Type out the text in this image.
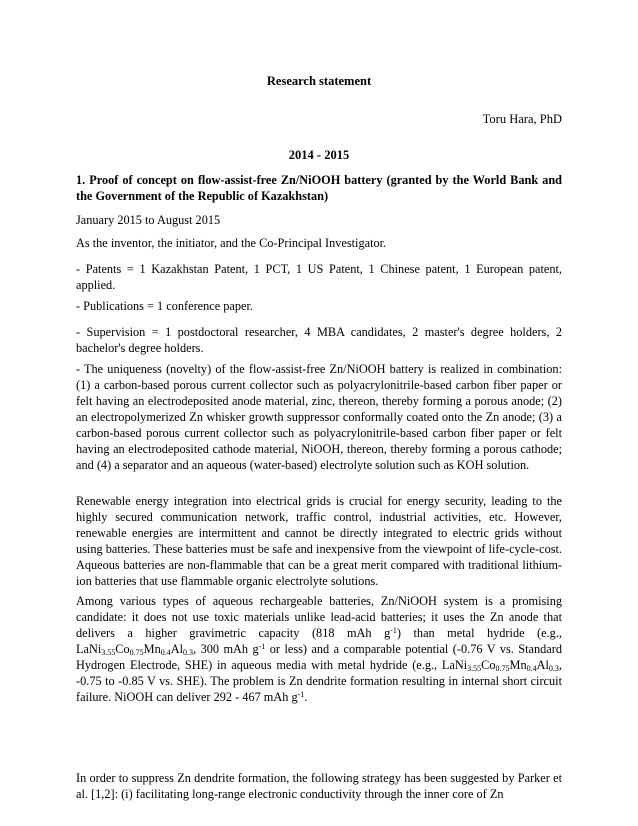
Research statement
Toru Hara, PhD
2014 - 2015

1. Proof of concept on flow-assist-free Zn/NiOOH battery (granted by the World Bank and the Government of the Republic of Kazakhstan)

January 2015 to August 2015

As the inventor, the initiator, and the Co-Principal Investigator.

- Patents = 1 Kazakhstan Patent, 1 PCT, 1 US Patent, 1 Chinese patent, 1 European patent, applied.

- Publications = 1 conference paper.

- Supervision = 1 postdoctoral researcher, 4 MBA candidates, 2 master's degree holders, 2 bachelor's degree holders.

- The uniqueness (novelty) of the flow-assist-free Zn/NiOOH battery is realized in combination: (1) a carbon-based porous current collector such as polyacrylonitrile-based carbon fiber paper or felt having an electrodeposited anode material, zinc, thereon, thereby forming a porous anode; (2) an electropolymerized Zn whisker growth suppressor conformally coated onto the Zn anode; (3) a carbon-based porous current collector such as polyacrylonitrile-based carbon fiber paper or felt having an electrodeposited cathode material, NiOOH, thereon, thereby forming a porous cathode; and (4) a separator and an aqueous (water-based) electrolyte solution such as KOH solution.

Renewable energy integration into electrical grids is crucial for energy security, leading to the highly secured communication network, traffic control, industrial activities, etc. However, renewable energies are intermittent and cannot be directly integrated to electric grids without using batteries. These batteries must be safe and inexpensive from the viewpoint of life-cycle-cost. Aqueous batteries are non-flammable that can be a great merit compared with traditional lithium-ion batteries that use flammable organic electrolyte solutions.

Among various types of aqueous rechargeable batteries, Zn/NiOOH system is a promising candidate: it does not use toxic materials unlike lead-acid batteries; it uses the Zn anode that delivers a higher gravimetric capacity (818 mAh $g^{-1}$) than metal hydride (e.g., $LaNi_{3.55}Co_{0.75}Mn_{0.4}Al_{0.3}$, 300 mAh $g^{-1}$ or less) and a comparable potential (-0.76 V vs. Standard Hydrogen Electrode, SHE) in aqueous media with metal hydride (e.g., $LaNi_{3.55}Co_{0.75}Mn_{0.4}Al_{0.3}$, -0.75 to -0.85 V vs. SHE). The problem is Zn dendrite formation resulting in internal short circuit failure. NiOOH can deliver 292 - 467 mAh $g^{-1}$.

In order to suppress Zn dendrite formation, the following strategy has been suggested by Parker et al. [1,2]: (i) facilitating long-range electronic conductivity through the inner core of Zn
